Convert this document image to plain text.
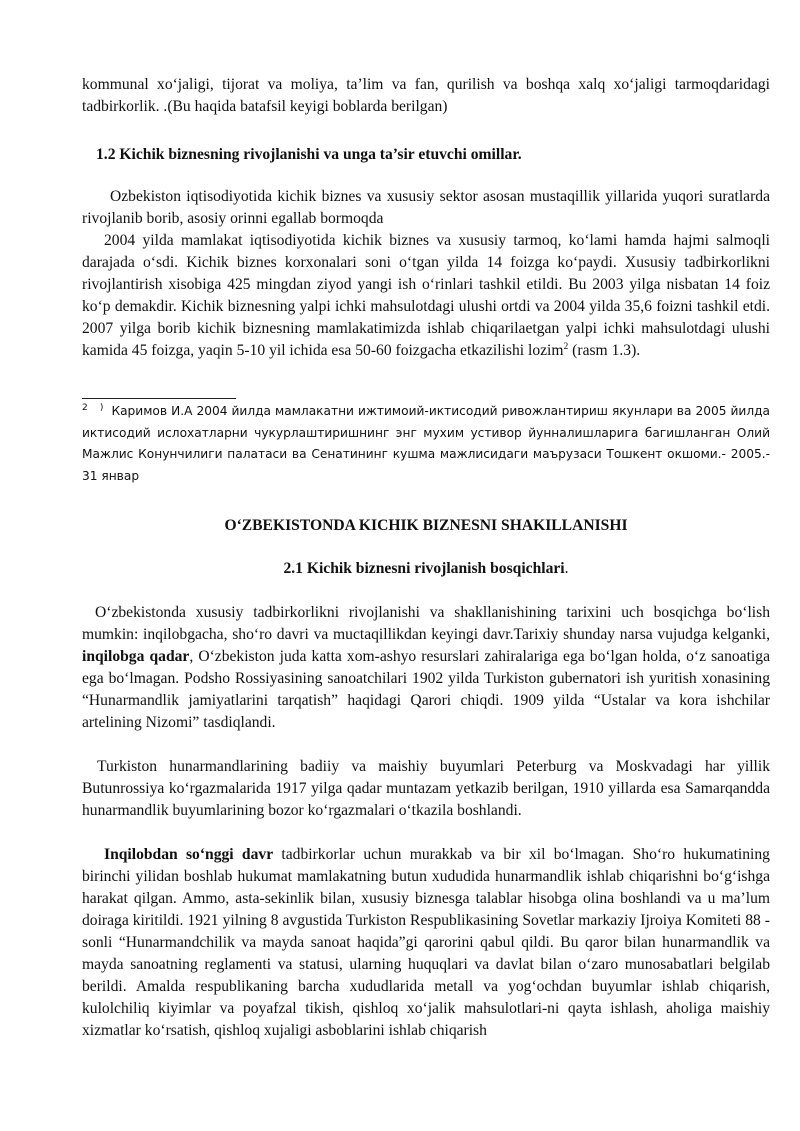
kommunal xo‘jaligi, tijorat va moliya, ta’lim va fan, qurilish va boshqa xalq xo‘jaligi tarmoqdaridagi tadbirkorlik. .(Bu haqida batafsil keyigi boblarda berilgan)

1.2 Kichik biznesning rivojlanishi va unga ta’sir etuvchi omillar.

Ozbekiston iqtisodiyotida kichik biznes va xususiy sektor asosan mustaqillik yillarida yuqori suratlarda rivojlanib borib, asosiy orinni egallab bormoqda

2004 yilda mamlakat iqtisodiyotida kichik biznes va xususiy tarmoq, ko‘lami hamda hajmi salmoqli darajada o‘sdi. Kichik biznes korxonalari soni o‘tgan yilda 14 foizga ko‘paydi. Xususiy tadbirkorlikni rivojlantirish xisobiga 425 mingdan ziyod yangi ish o‘rinlari tashkil etildi. Bu 2003 yilga nisbatan 14 foiz ko‘p demakdir. Kichik biznesning yalpi ichki mahsulotdagi ulushi ortdi va 2004 yilda 35,6 foizni tashkil etdi. 2007 yilga borib kichik biznesning mamlakatimizda ishlab chiqarilaetgan yalpi ichki mahsulotdagi ulushi kamida 45 foizga, yaqin 5-10 yil ichida esa 50-60 foizgacha etkazilishi lozim$^2$ (rasm 1.3).

$^2$ ) Каримов И.А 2004 йилда мамлакатни ижтимоий-иктисодий ривожлантириш якунлари ва 2005 йилда иктисодий ислохатларни чукурлаштиришнинг энг мухим устивор йунналишларига багишланган Олий Мажлис Конунчилиги палатаси ва Сенатининг кушма мажлисидаги маърузаси Тошкент окшоми.- 2005.- 31 январ

O‘ZBEKISTONDA KICHIK BIZNESNI SHAKILLANISHI

2.1 Kichik biznesni rivojlanish bosqichlari.

O‘zbekistonda xususiy tadbirkorlikni rivojlanishi va shakllanishining tarixini uch bosqichga bo‘lish mumkin: inqilobgacha, sho‘ro davri va muctaqillikdan keyingi davr.Tarixiy shunday narsa vujudga kelganki, inqilobga qadar, O‘zbekiston juda katta xom-ashyo resurslari zahiralariga ega bo‘lgan holda, o‘z sanoatiga ega bo‘lmagan. Podsho Rossiyasining sanoatchilari 1902 yilda Turkiston gubernatori ish yuritish xonasining “Hunarmandlik jamiyatlarini tarqatish” haqidagi Qarori chiqdi. 1909 yilda “Ustalar va kora ishchilar artelining Nizomi” tasdiqlandi.

Turkiston hunarmandlarining badiiy va maishiy buyumlari Peterburg va Moskvadagi har yillik Butunrossiya ko‘rgazmalarida 1917 yilga qadar muntazam yetkazib berilgan, 1910 yillarda esa Samarqandda hunarmandlik buyumlarining bozor ko‘rgazmalari o‘tkazila boshlandi.

Inqilobdan so‘nggi davr tadbirkorlar uchun murakkab va bir xil bo‘lmagan. Sho‘ro hukumatining birinchi yilidan boshlab hukumat mamlakatning butun xududida hunarmandlik ishlab chiqarishni bo‘g‘ishga harakat qilgan. Ammo, asta-sekinlik bilan, xususiy biznesga talablar hisobga olina boshlandi va u ma’lum doiraga kiritildi. 1921 yilning 8 avgustida Turkiston Respublikasining Sovetlar markaziy Ijroiya Komiteti 88 -sonli “Hunarmandchilik va mayda sanoat haqida”gi qarorini qabul qildi. Bu qaror bilan hunarmandlik va mayda sanoatning reglamenti va statusi, ularning huquqlari va davlat bilan o‘zaro munosabatlari belgilab berildi. Amalda respublikaning barcha xududlarida metall va yog‘ochdan buyumlar ishlab chiqarish, kulolchiliq kiyimlar va poyafzal tikish, qishloq xo‘jalik mahsulotlari-ni qayta ishlash, aholiga maishiy xizmatlar ko‘rsatish, qishloq xujaligi asboblarini ishlab chiqarish
